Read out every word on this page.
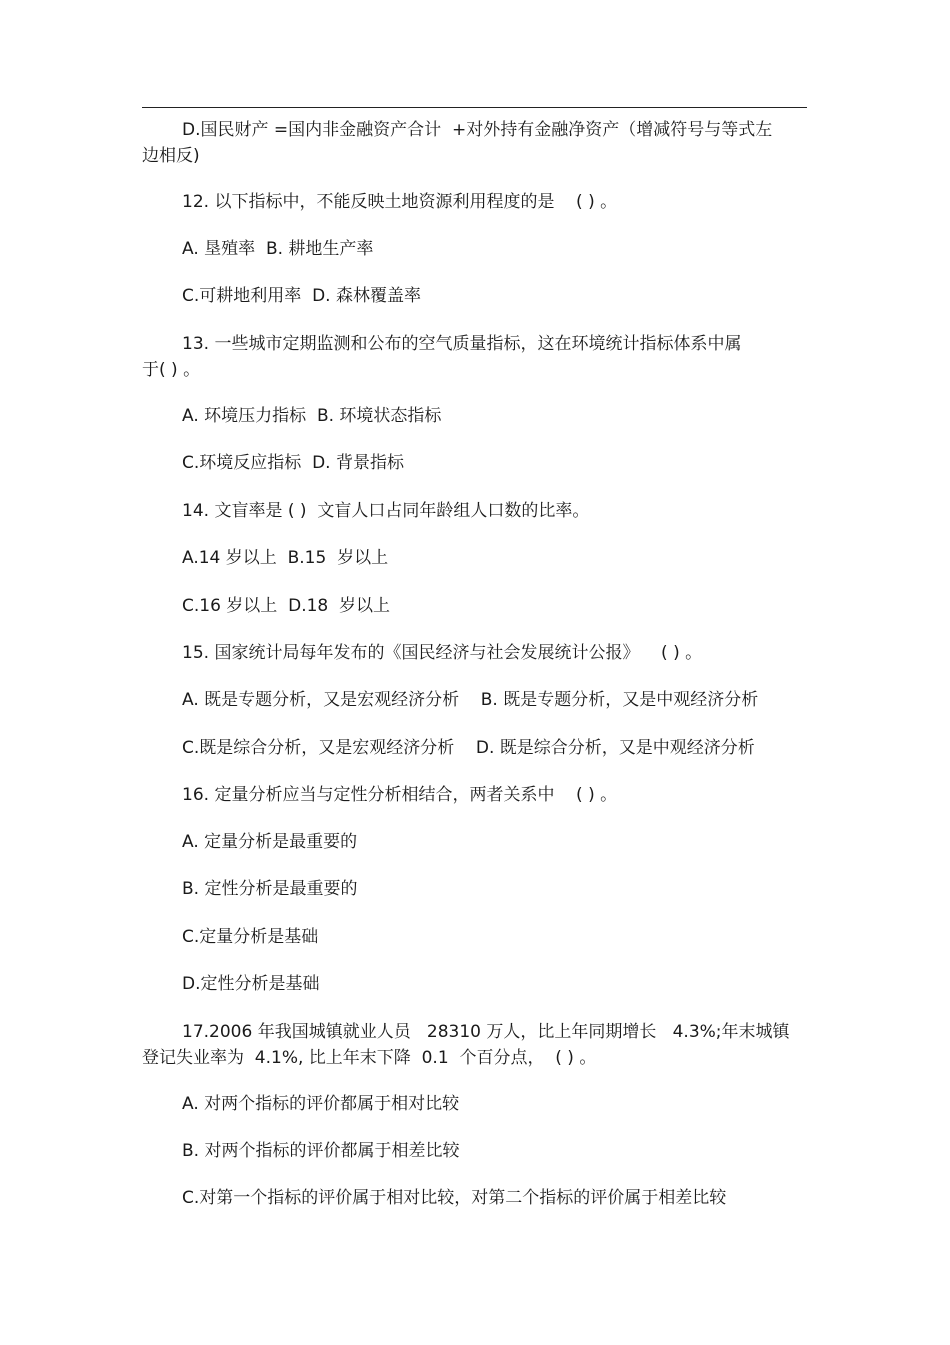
D.国民财产 =国内非金融资产合计  +对外持有金融净资产（增减符号与等式左
边相反)
12. 以下指标中，不能反映土地资源利用程度的是    ( ) 。
A. 垦殖率  B. 耕地生产率
C.可耕地利用率  D. 森林覆盖率
13. 一些城市定期监测和公布的空气质量指标，这在环境统计指标体系中属
于( ) 。
A. 环境压力指标  B. 环境状态指标
C.环境反应指标  D. 背景指标
14. 文盲率是 ( )  文盲人口占同年龄组人口数的比率。
A.14 岁以上  B.15  岁以上
C.16 岁以上  D.18  岁以上
15. 国家统计局每年发布的《国民经济与社会发展统计公报》    ( ) 。
A. 既是专题分析，又是宏观经济分析    B. 既是专题分析，又是中观经济分析
C.既是综合分析，又是宏观经济分析    D. 既是综合分析，又是中观经济分析
16. 定量分析应当与定性分析相结合，两者关系中    ( ) 。
A. 定量分析是最重要的
B. 定性分析是最重要的
C.定量分析是基础
D.定性分析是基础
17.2006 年我国城镇就业人员   28310 万人，比上年同期增长   4.3%;年末城镇
登记失业率为  4.1%, 比上年末下降  0.1  个百分点，  ( ) 。
A. 对两个指标的评价都属于相对比较
B. 对两个指标的评价都属于相差比较
C.对第一个指标的评价属于相对比较，对第二个指标的评价属于相差比较
